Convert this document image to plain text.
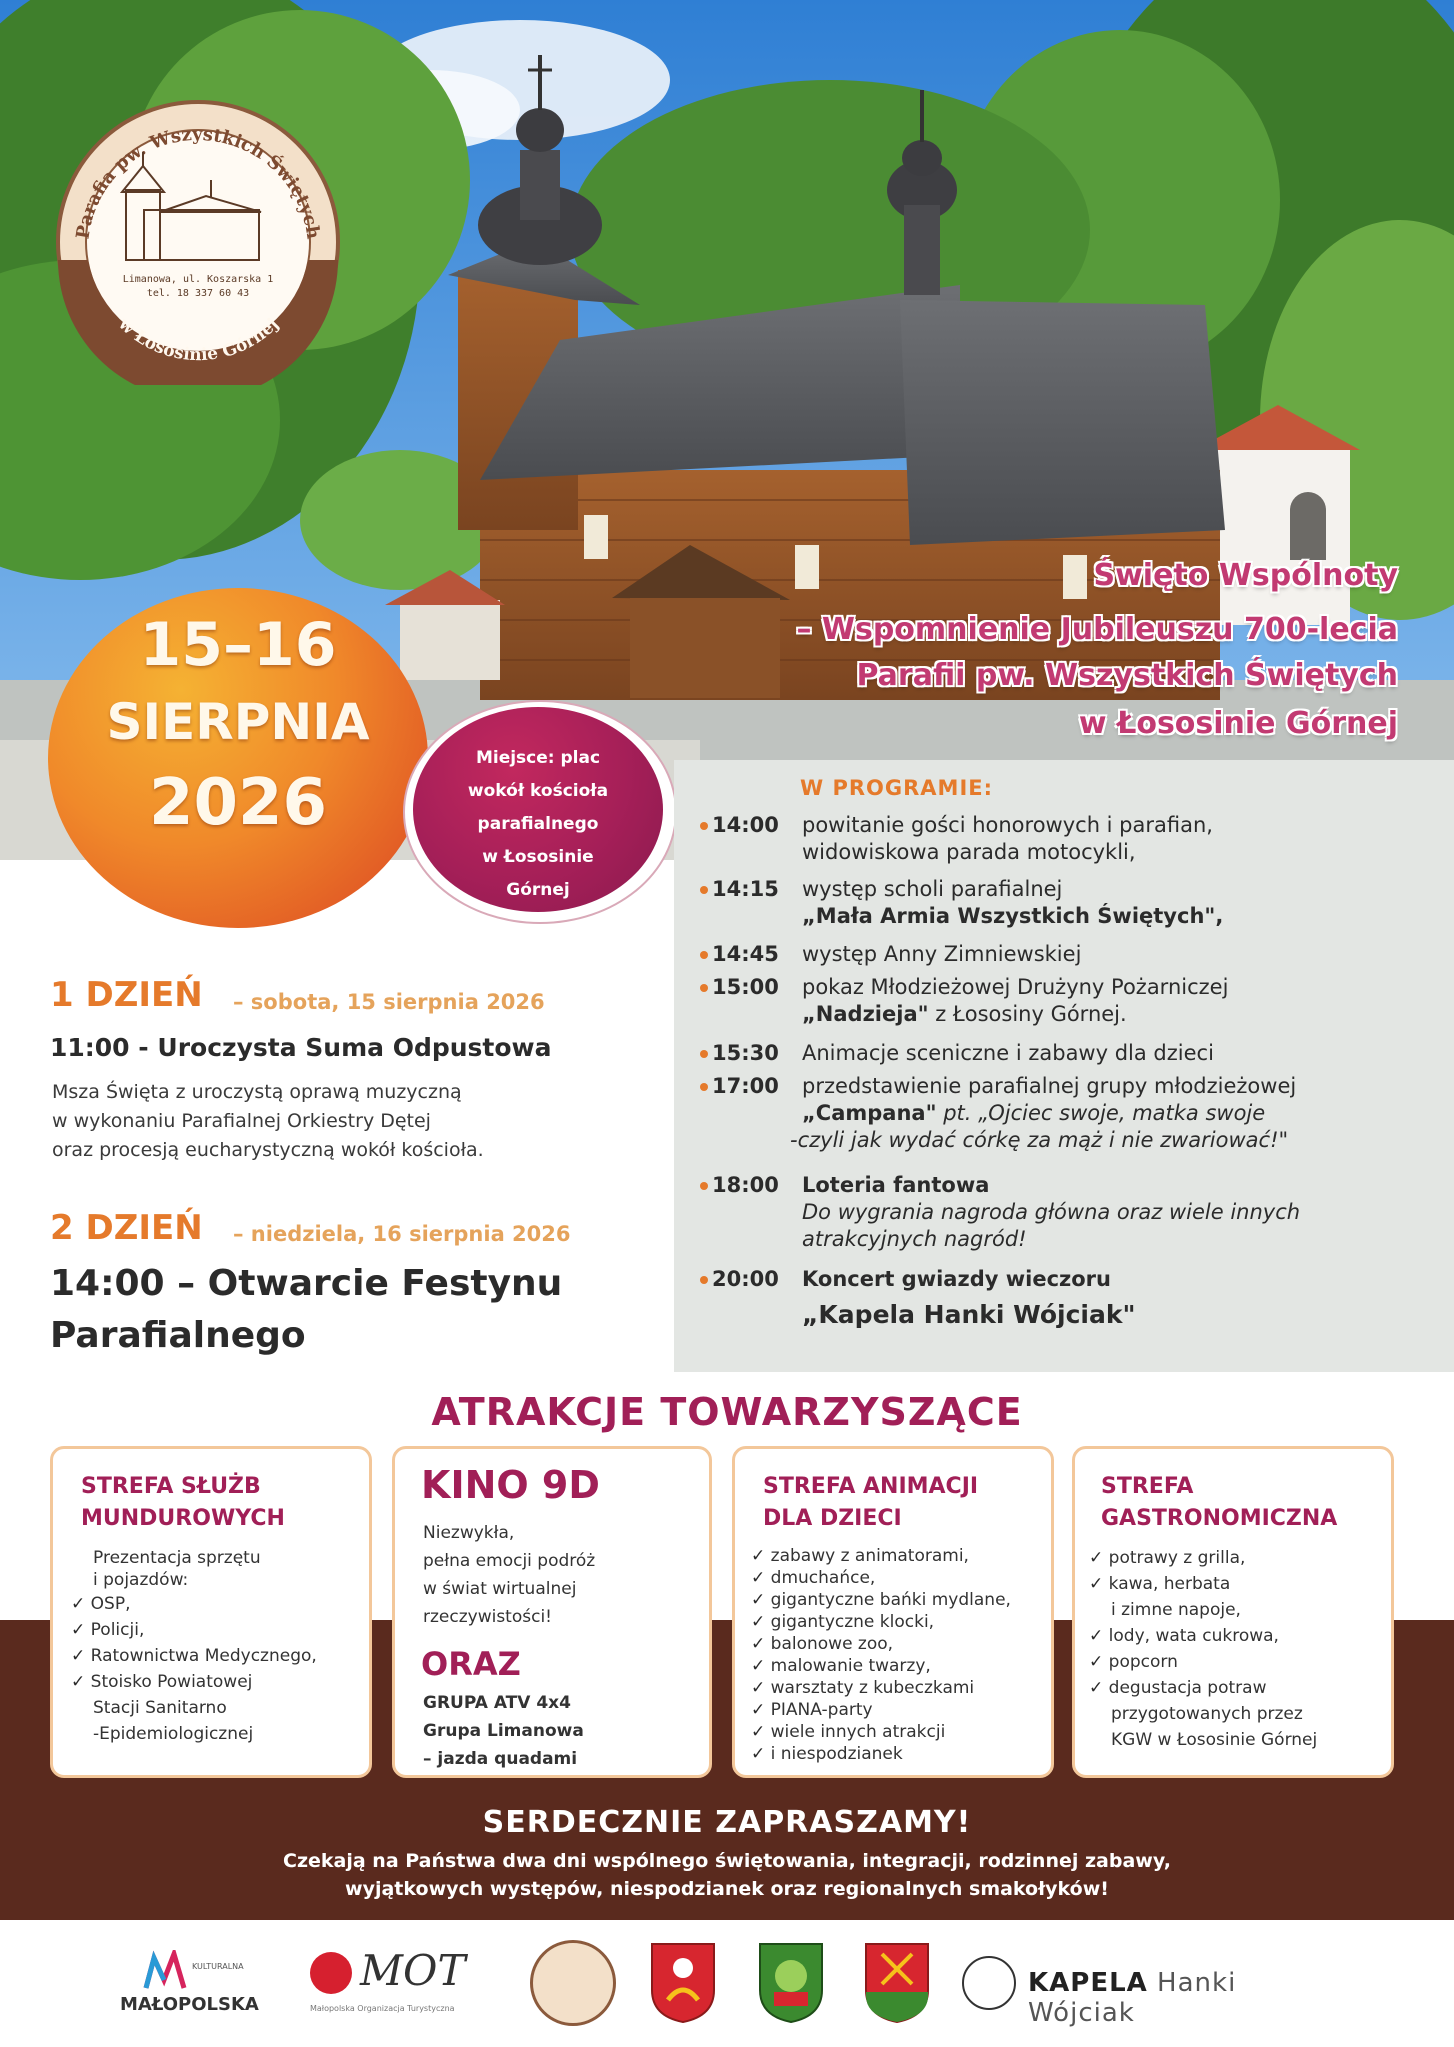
Parafia pw. Wszystkich Świętych
w Łososinie Górnej
Limanowa, ul. Koszarska 1
tel. 18 337 60 43
15–16
SIERPNIA
2026
Miejsce: plac
wokół kościoła
parafialnego
w Łososinie
Górnej
Święto Wspólnoty
– Wspomnienie Jubileuszu 700-lecia
Parafii pw. Wszystkich Świętych
w Łososinie Górnej
W PROGRAMIE:
14:00 powitanie gości honorowych i parafian,
widowiskowa parada motocykli,
14:15 występ scholi parafialnej
„Mała Armia Wszystkich Świętych",
14:45 występ Anny Zimniewskiej
15:00 pokaz Młodzieżowej Drużyny Pożarniczej
„Nadzieja" z Łososiny Górnej.
15:30 Animacje sceniczne i zabawy dla dzieci
17:00 przedstawienie parafialnej grupy młodzieżowej
„Campana" pt. „Ojciec swoje, matka swoje
-czyli jak wydać córkę za mąż i nie zwariować!"
18:00 Loteria fantowa
Do wygrania nagroda główna oraz wiele innych
atrakcyjnych nagród!
20:00 Koncert gwiazdy wieczoru
„Kapela Hanki Wójciak"
1 DZIEŃ – sobota, 15 sierpnia 2026
11:00 - Uroczysta Suma Odpustowa
Msza Święta z uroczystą oprawą muzyczną
w wykonaniu Parafialnej Orkiestry Dętej
oraz procesją eucharystyczną wokół kościoła.
2 DZIEŃ – niedziela, 16 sierpnia 2026
14:00 – Otwarcie Festynu
Parafialnego
ATRAKCJE TOWARZYSZĄCE
STREFA SŁUŻB
MUNDUROWYCH
Prezentacja sprzętu
i pojazdów:
✓ OSP,
✓ Policji,
✓ Ratownictwa Medycznego,
✓ Stoisko Powiatowej
Stacji Sanitarno
-Epidemiologicznej
KINO 9D
Niezwykła,
pełna emocji podróż
w świat wirtualnej
rzeczywistości!
ORAZ
GRUPA ATV 4x4
Grupa Limanowa
– jazda quadami
STREFA ANIMACJI
DLA DZIECI
✓ zabawy z animatorami,
✓ dmuchańce,
✓ gigantyczne bańki mydlane,
✓ gigantyczne klocki,
✓ balonowe zoo,
✓ malowanie twarzy,
✓ warsztaty z kubeczkami
✓ PIANA-party
✓ wiele innych atrakcji
✓ i niespodzianek
STREFA
GASTRONOMICZNA
✓ potrawy z grilla,
✓ kawa, herbata
i zimne napoje,
✓ lody, wata cukrowa,
✓ popcorn
✓ degustacja potraw
przygotowanych przez
KGW w Łososinie Górnej
SERDECZNIE ZAPRASZAMY!
Czekają na Państwa dwa dni wspólnego świętowania, integracji, rodzinnej zabawy,
wyjątkowych występów, niespodzianek oraz regionalnych smakołyków!
KULTURALNA
MAŁOPOLSKA
MOT
Małopolska Organizacja Turystyczna
KAPELA Hanki Wójciak
